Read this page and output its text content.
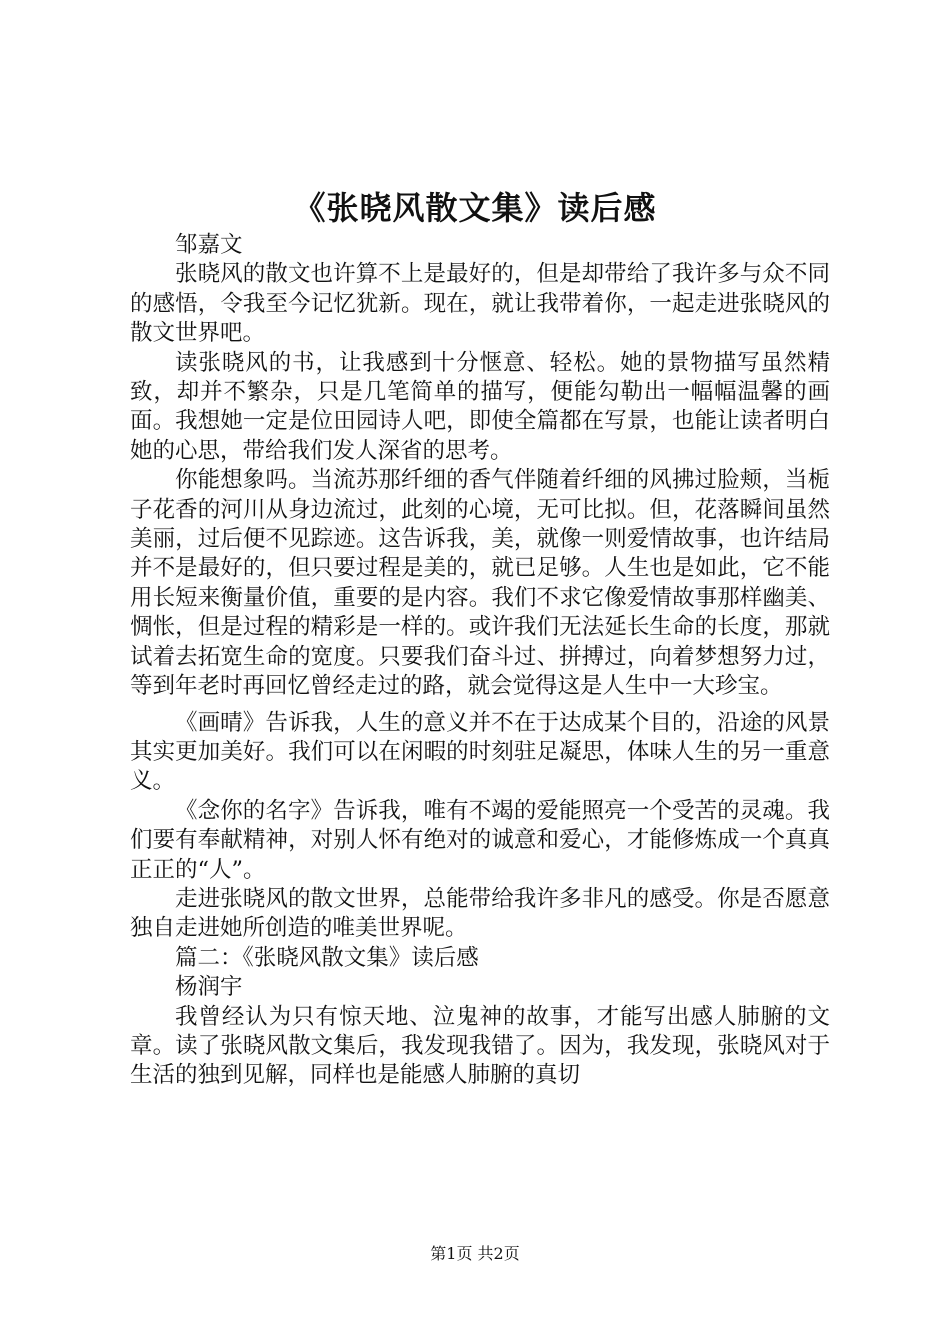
《张晓风散文集》读后感

邹嘉文

张晓风的散文也许算不上是最好的，但是却带给了我许多与众不同的感悟，令我至今记忆犹新。现在，就让我带着你，一起走进张晓风的散文世界吧。

读张晓风的书，让我感到十分惬意、轻松。她的景物描写虽然精致，却并不繁杂，只是几笔简单的描写，便能勾勒出一幅幅温馨的画面。我想她一定是位田园诗人吧，即使全篇都在写景，也能让读者明白她的心思，带给我们发人深省的思考。

你能想象吗。当流苏那纤细的香气伴随着纤细的风拂过脸颊，当栀子花香的河川从身边流过，此刻的心境，无可比拟。但，花落瞬间虽然美丽，过后便不见踪迹。这告诉我，美，就像一则爱情故事，也许结局并不是最好的，但只要过程是美的，就已足够。人生也是如此，它不能用长短来衡量价值，重要的是内容。我们不求它像爱情故事那样幽美、惆怅，但是过程的精彩是一样的。或许我们无法延长生命的长度，那就试着去拓宽生命的宽度。只要我们奋斗过、拼搏过，向着梦想努力过，等到年老时再回忆曾经走过的路，就会觉得这是人生中一大珍宝。

《画晴》告诉我，人生的意义并不在于达成某个目的，沿途的风景其实更加美好。我们可以在闲暇的时刻驻足凝思，体味人生的另一重意义。

《念你的名字》告诉我，唯有不竭的爱能照亮一个受苦的灵魂。我们要有奉献精神，对别人怀有绝对的诚意和爱心，才能修炼成一个真真正正的“人”。

走进张晓风的散文世界，总能带给我许多非凡的感受。你是否愿意独自走进她所创造的唯美世界呢。

篇二：《张晓风散文集》读后感

杨润宇

我曾经认为只有惊天地、泣鬼神的故事，才能写出感人肺腑的文章。读了张晓风散文集后，我发现我错了。因为，我发现，张晓风对于生活的独到见解，同样也是能感人肺腑的真切

第1页 共2页
